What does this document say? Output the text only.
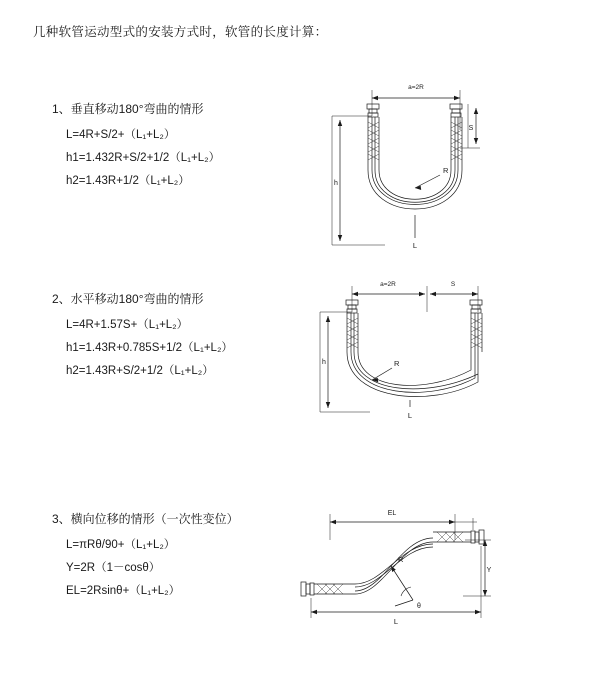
几种软管运动型式的安装方式时，软管的长度计算：

1、垂直移动180°弯曲的情形

L=4R+S/2+（L₁+L₂）

h1=1.432R+S/2+1/2（L₁+L₂）

h2=1.43R+1/2（L₁+L₂）

a=2R
h
S
R
L

2、水平移动180°弯曲的情形

L=4R+1.57S+（L₁+L₂）

h1=1.43R+0.785S+1/2（L₁+L₂）

h2=1.43R+S/2+1/2（L₁+L₂）

a=2R	S
h	R
L

3、横向位移的情形（一次性变位）

L=πRθ/90+（L₁+L₂）

Y=2R（1－cosθ）

EL=2Rsinθ+（L₁+L₂）

EL
Y
R
θ
L
